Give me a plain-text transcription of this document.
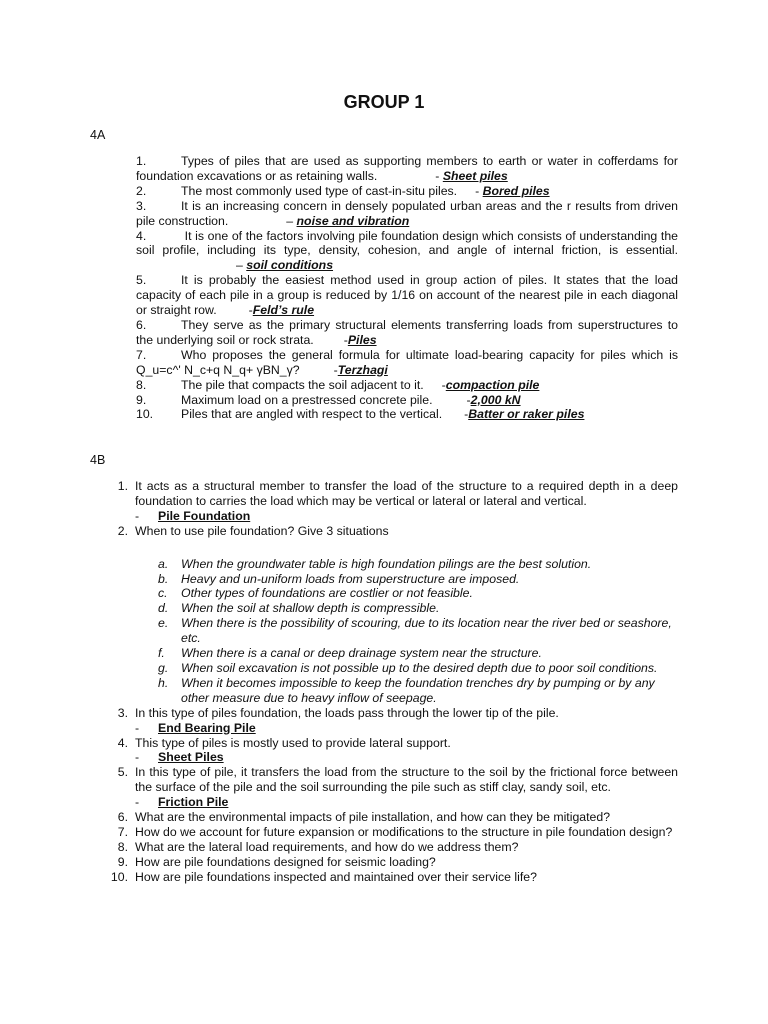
GROUP 1
4A
1.	Types of piles that are used as supporting members to earth or water in cofferdams for foundation excavations or as retaining walls.	- Sheet piles
2.	The most commonly used type of cast-in-situ piles. - Bored piles
3.	It is an increasing concern in densely populated urban areas and the r results from driven pile construction.	– noise and vibration
4.	It is one of the factors involving pile foundation design which consists of understanding the soil profile, including its type, density, cohesion, and angle of internal friction, is essential.– soil conditions
5.	It is probably the easiest method used in group action of piles. It states that the load capacity of each pile in a group is reduced by 1/16 on account of the nearest pile in each diagonal or straight row.	-Feld’s rule
6.	They serve as the primary structural elements transferring loads from superstructures to the underlying soil or rock strata. -Piles
7.	Who proposes the general formula for ultimate load-bearing capacity for piles which is Q_u=c^' N_c+q N_q+ γBN_γ?	-Terzhagi
8.	The pile that compacts the soil adjacent to it. -compaction pile
9.	Maximum load on a prestressed concrete pile.	-2,000 kN
10. Piles that are angled with respect to the vertical. -Batter or raker piles
4B
1. It acts as a structural member to transfer the load of the structure to a required depth in a deep foundation to carries the load which may be vertical or lateral or lateral and vertical.
- Pile Foundation
2. When to use pile foundation? Give 3 situations
a. When the groundwater table is high foundation pilings are the best solution.
b. Heavy and un-uniform loads from superstructure are imposed.
c. Other types of foundations are costlier or not feasible.
d. When the soil at shallow depth is compressible.
e. When there is the possibility of scouring, due to its location near the river bed or seashore, etc.
f. When there is a canal or deep drainage system near the structure.
g. When soil excavation is not possible up to the desired depth due to poor soil conditions.
h. When it becomes impossible to keep the foundation trenches dry by pumping or by any other measure due to heavy inflow of seepage.
3. In this type of piles foundation, the loads pass through the lower tip of the pile.
- End Bearing Pile
4. This type of piles is mostly used to provide lateral support.
- Sheet Piles
5. In this type of pile, it transfers the load from the structure to the soil by the frictional force between the surface of the pile and the soil surrounding the pile such as stiff clay, sandy soil, etc.
- Friction Pile
6. What are the environmental impacts of pile installation, and how can they be mitigated?
7. How do we account for future expansion or modifications to the structure in pile foundation design?
8. What are the lateral load requirements, and how do we address them?
9. How are pile foundations designed for seismic loading?
10. How are pile foundations inspected and maintained over their service life?
